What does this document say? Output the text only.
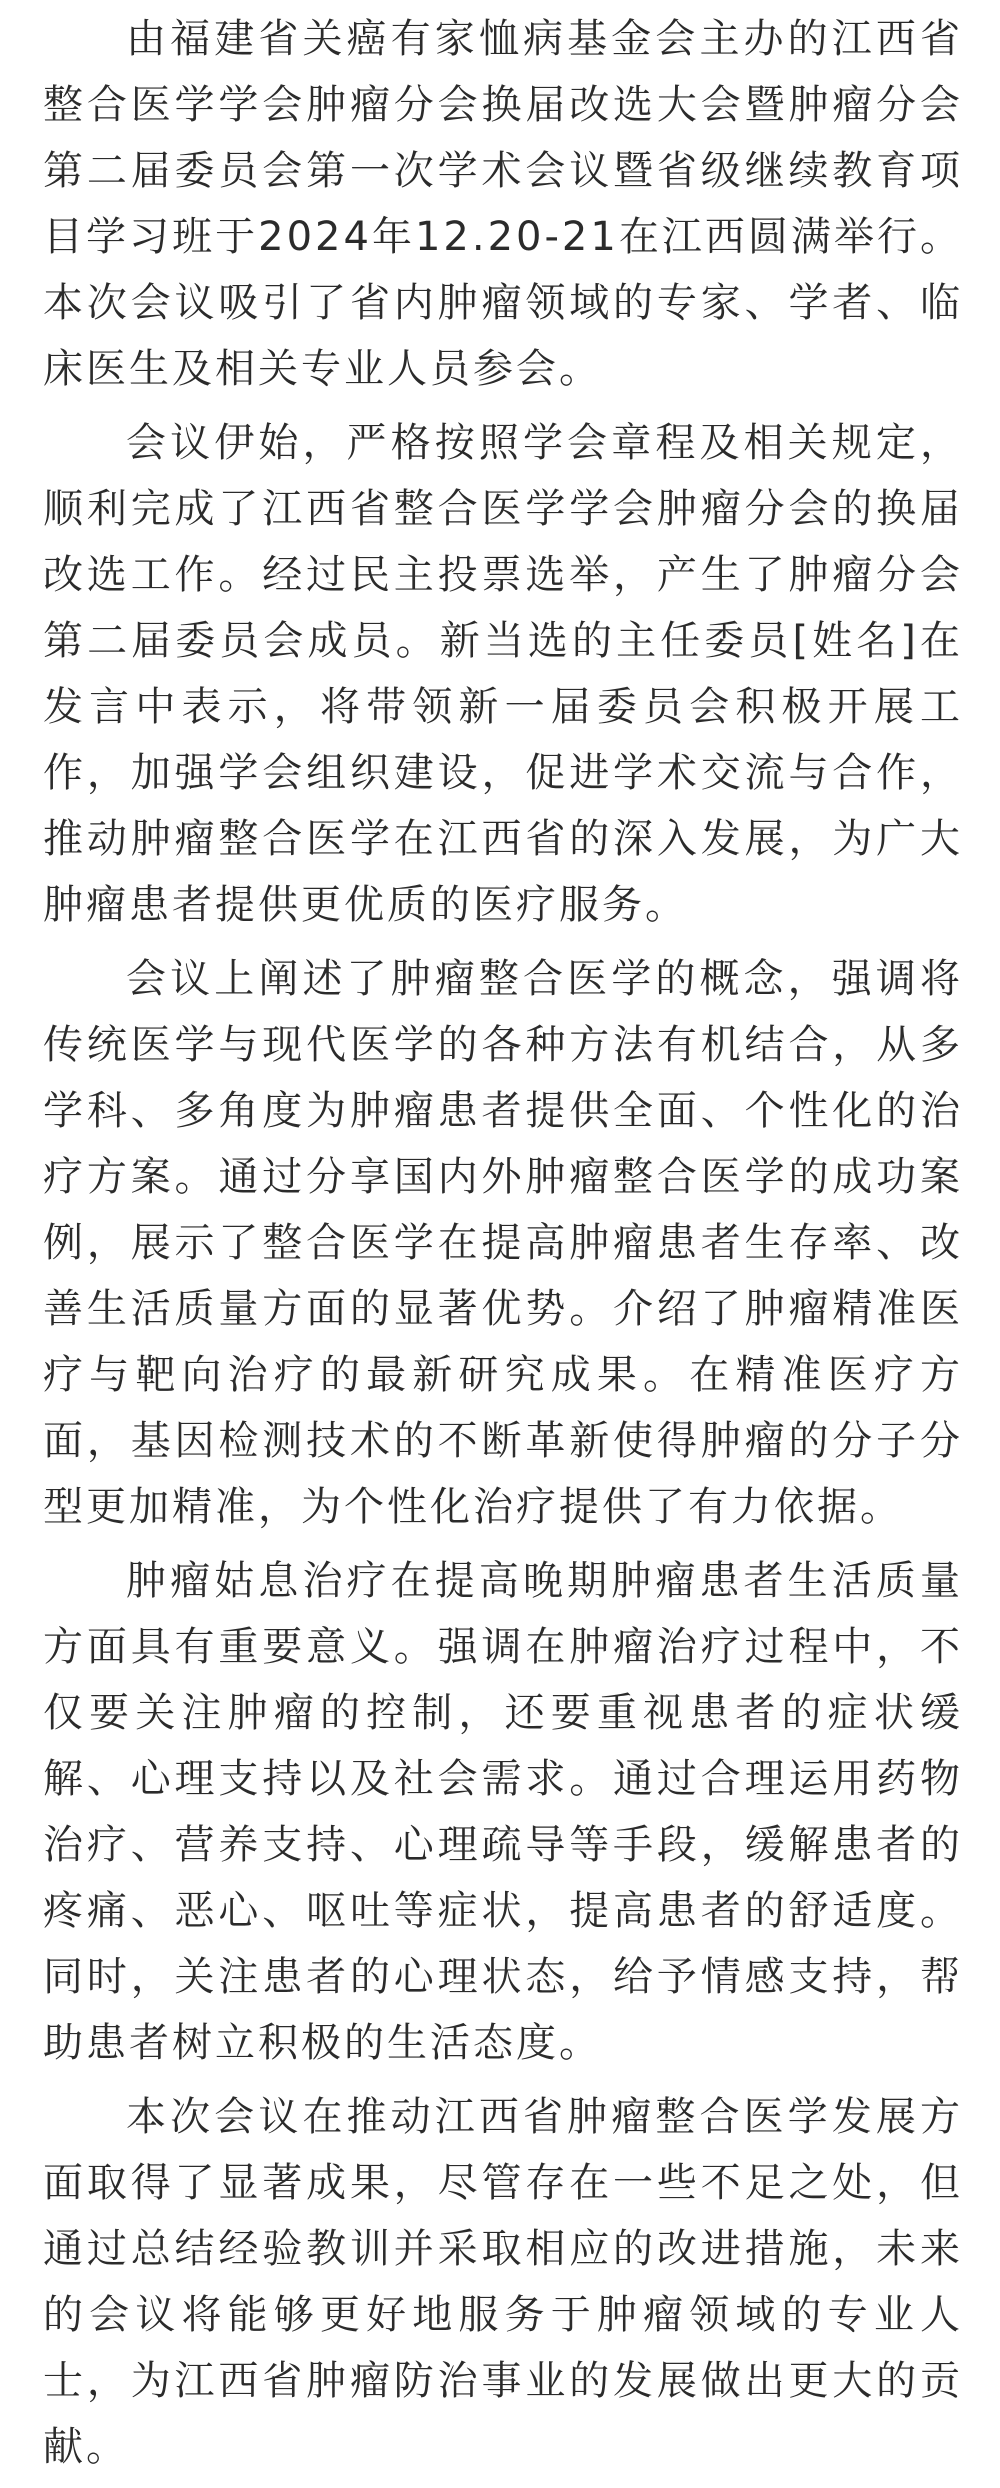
由福建省关癌有家恤病基金会主办的江西省整合医学学会肿瘤分会换届改选大会暨肿瘤分会第二届委员会第一次学术会议暨省级继续教育项目学习班于2024年12.20-21在江西圆满举行。本次会议吸引了省内肿瘤领域的专家、学者、临床医生及相关专业人员参会。

会议伊始，严格按照学会章程及相关规定，顺利完成了江西省整合医学学会肿瘤分会的换届改选工作。经过民主投票选举，产生了肿瘤分会第二届委员会成员。新当选的主任委员[姓名]在发言中表示，将带领新一届委员会积极开展工作，加强学会组织建设，促进学术交流与合作，推动肿瘤整合医学在江西省的深入发展，为广大肿瘤患者提供更优质的医疗服务。

会议上阐述了肿瘤整合医学的概念，强调将传统医学与现代医学的各种方法有机结合，从多学科、多角度为肿瘤患者提供全面、个性化的治疗方案。通过分享国内外肿瘤整合医学的成功案例，展示了整合医学在提高肿瘤患者生存率、改善生活质量方面的显著优势。介绍了肿瘤精准医疗与靶向治疗的最新研究成果。在精准医疗方面，基因检测技术的不断革新使得肿瘤的分子分型更加精准，为个性化治疗提供了有力依据。

肿瘤姑息治疗在提高晚期肿瘤患者生活质量方面具有重要意义。强调在肿瘤治疗过程中，不仅要关注肿瘤的控制，还要重视患者的症状缓解、心理支持以及社会需求。通过合理运用药物治疗、营养支持、心理疏导等手段，缓解患者的疼痛、恶心、呕吐等症状，提高患者的舒适度。同时，关注患者的心理状态，给予情感支持，帮助患者树立积极的生活态度。

本次会议在推动江西省肿瘤整合医学发展方面取得了显著成果，尽管存在一些不足之处，但通过总结经验教训并采取相应的改进措施，未来的会议将能够更好地服务于肿瘤领域的专业人士，为江西省肿瘤防治事业的发展做出更大的贡献。
